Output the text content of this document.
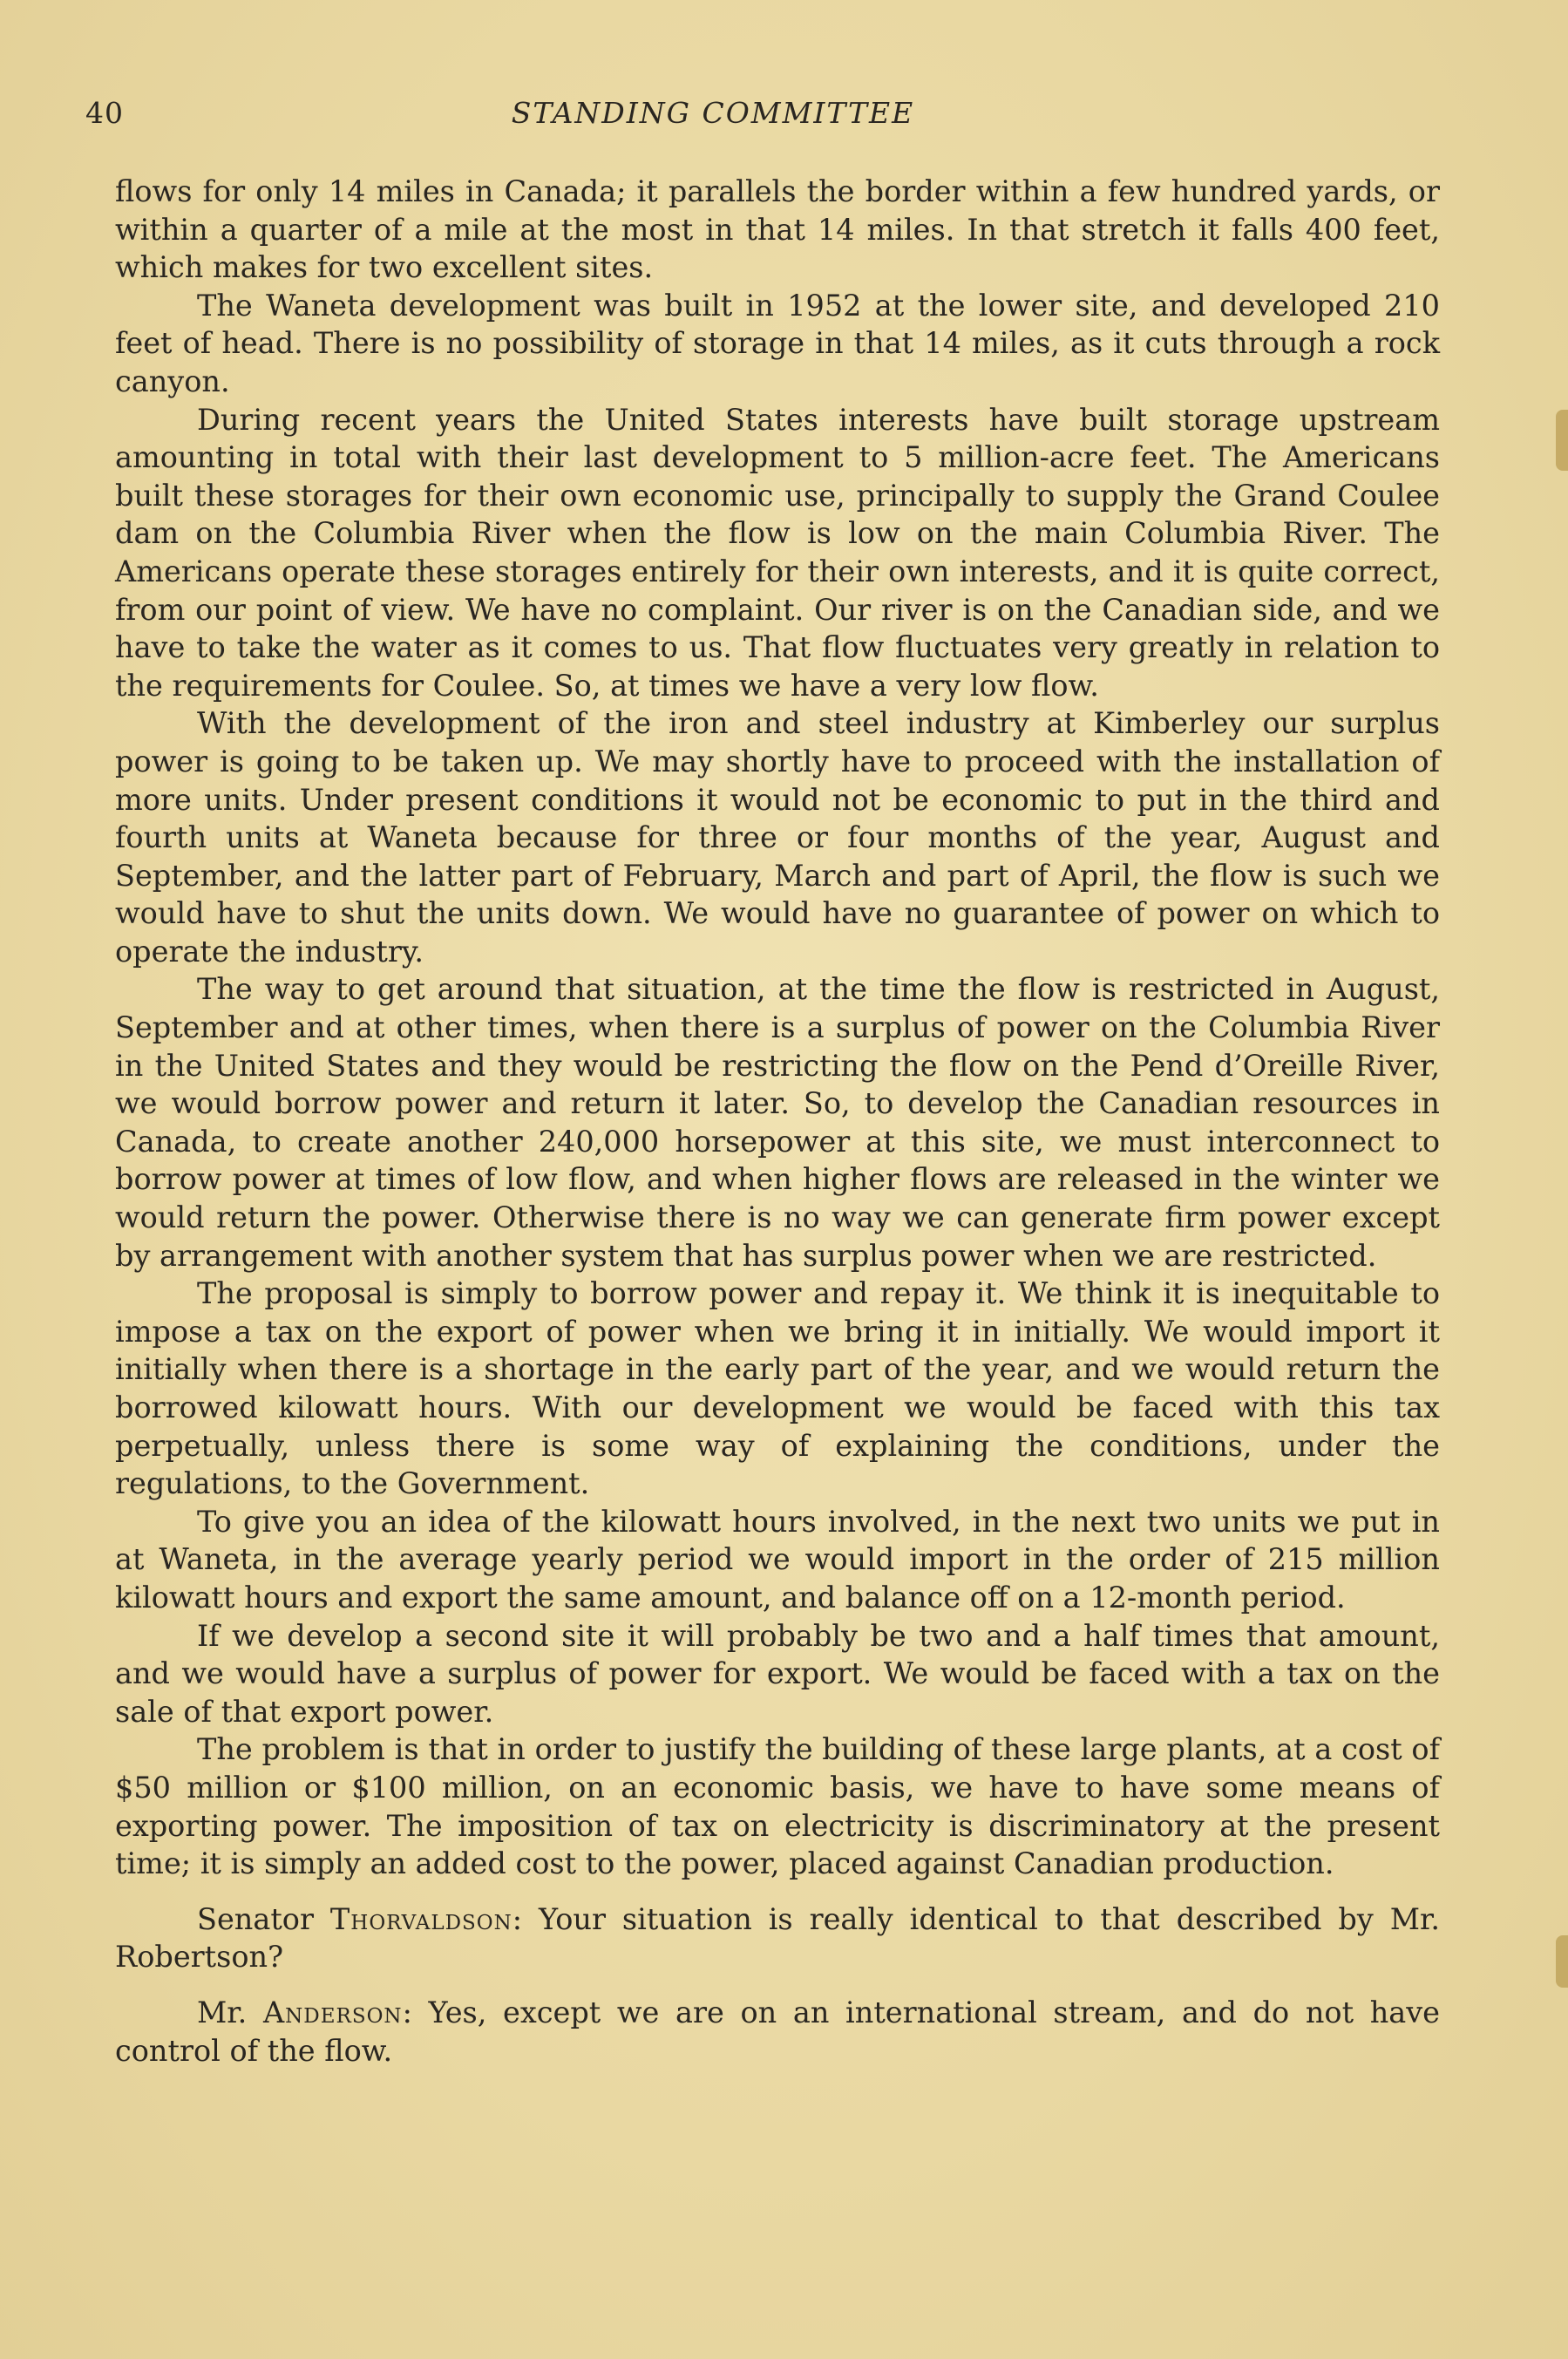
40	STANDING COMMITTEE

flows for only 14 miles in Canada; it parallels the border within a few hundred yards, or within a quarter of a mile at the most in that 14 miles. In that stretch it falls 400 feet, which makes for two excellent sites.

The Waneta development was built in 1952 at the lower site, and developed 210 feet of head. There is no possibility of storage in that 14 miles, as it cuts through a rock canyon.

During recent years the United States interests have built storage upstream amounting in total with their last development to 5 million-acre feet. The Americans built these storages for their own economic use, principally to supply the Grand Coulee dam on the Columbia River when the flow is low on the main Columbia River. The Americans operate these storages entirely for their own interests, and it is quite correct, from our point of view. We have no complaint. Our river is on the Canadian side, and we have to take the water as it comes to us. That flow fluctuates very greatly in relation to the requirements for Coulee. So, at times we have a very low flow.

With the development of the iron and steel industry at Kimberley our surplus power is going to be taken up. We may shortly have to proceed with the installation of more units. Under present conditions it would not be economic to put in the third and fourth units at Waneta because for three or four months of the year, August and September, and the latter part of February, March and part of April, the flow is such we would have to shut the units down. We would have no guarantee of power on which to operate the industry.

The way to get around that situation, at the time the flow is restricted in August, September and at other times, when there is a surplus of power on the Columbia River in the United States and they would be restricting the flow on the Pend d’Oreille River, we would borrow power and return it later. So, to develop the Canadian resources in Canada, to create another 240,000 horsepower at this site, we must interconnect to borrow power at times of low flow, and when higher flows are released in the winter we would return the power. Otherwise there is no way we can generate firm power except by arrangement with another system that has surplus power when we are restricted.

The proposal is simply to borrow power and repay it. We think it is inequitable to impose a tax on the export of power when we bring it in initially. We would import it initially when there is a shortage in the early part of the year, and we would return the borrowed kilowatt hours. With our development we would be faced with this tax perpetually, unless there is some way of explaining the conditions, under the regulations, to the Government.

To give you an idea of the kilowatt hours involved, in the next two units we put in at Waneta, in the average yearly period we would import in the order of 215 million kilowatt hours and export the same amount, and balance off on a 12-month period.

If we develop a second site it will probably be two and a half times that amount, and we would have a surplus of power for export. We would be faced with a tax on the sale of that export power.

The problem is that in order to justify the building of these large plants, at a cost of $50 million or $100 million, on an economic basis, we have to have some means of exporting power. The imposition of tax on electricity is discriminatory at the present time; it is simply an added cost to the power, placed against Canadian production.

Senator Thorvaldson: Your situation is really identical to that described by Mr. Robertson?

Mr. Anderson: Yes, except we are on an international stream, and do not have control of the flow.
